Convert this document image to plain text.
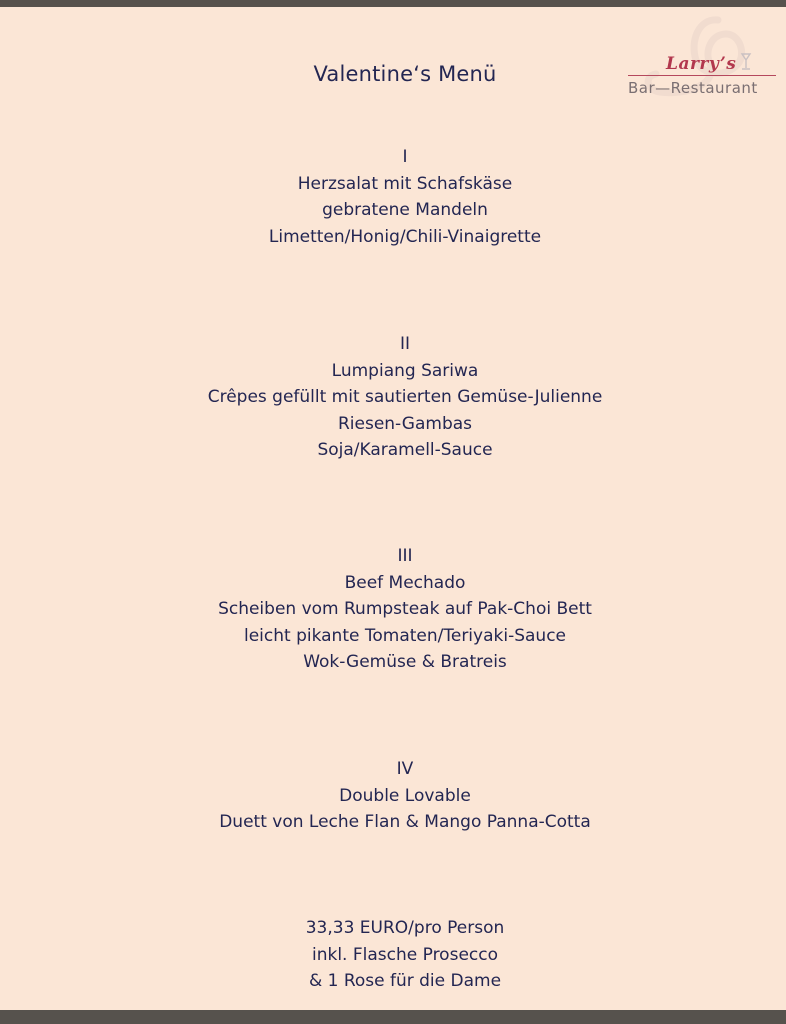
Larry’s
Bar—Restaurant
Valentine‘s Menü
I
Herzsalat mit Schafskäse
gebratene Mandeln
Limetten/Honig/Chili-Vinaigrette
II
Lumpiang Sariwa
Crêpes gefüllt mit sautierten Gemüse-Julienne
Riesen-Gambas
Soja/Karamell-Sauce
III
Beef Mechado
Scheiben vom Rumpsteak auf Pak-Choi Bett
leicht pikante Tomaten/Teriyaki-Sauce
Wok-Gemüse & Bratreis
IV
Double Lovable
Duett von Leche Flan & Mango Panna-Cotta
33,33 EURO/pro Person
inkl. Flasche Prosecco
& 1 Rose für die Dame
